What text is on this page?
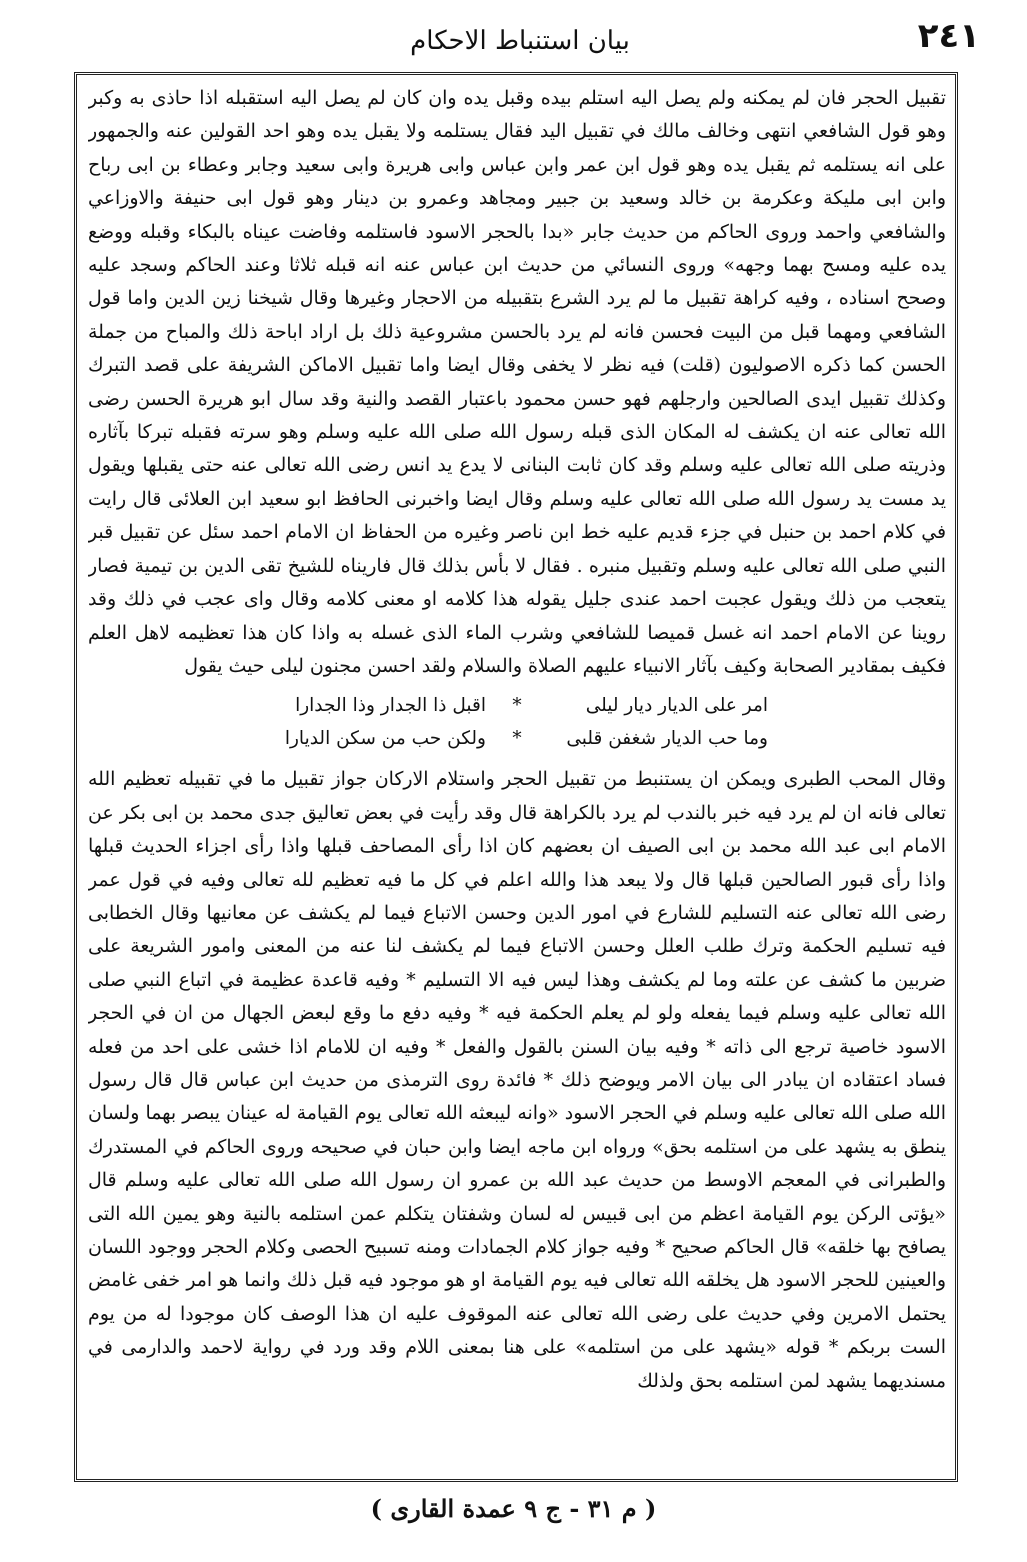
٢٤١
بيان استنباط الاحكام

تقبيل الحجر فان لم يمكنه ولم يصل اليه استلم بيده وقبل يده وان كان لم يصل اليه استقبله اذا حاذى به وكبر وهو قول الشافعي انتهى وخالف مالك في تقبيل اليد فقال يستلمه ولا يقبل يده وهو احد القولين عنه والجمهور على انه يستلمه ثم يقبل يده وهو قول ابن عمر وابن عباس وابى هريرة وابى سعيد وجابر وعطاء بن ابى رباح وابن ابى مليكة وعكرمة بن خالد وسعيد بن جبير ومجاهد وعمرو بن دينار وهو قول ابى حنيفة والاوزاعي والشافعي واحمد وروى الحاكم من حديث جابر «بدا بالحجر الاسود فاستلمه وفاضت عيناه بالبكاء وقبله ووضع يده عليه ومسح بهما وجهه» وروى النسائي من حديث ابن عباس عنه انه قبله ثلاثا وعند الحاكم وسجد عليه وصحح اسناده ، وفيه كراهة تقبيل ما لم يرد الشرع بتقبيله من الاحجار وغيرها وقال شيخنا زين الدين واما قول الشافعي ومهما قبل من البيت فحسن فانه لم يرد بالحسن مشروعية ذلك بل اراد اباحة ذلك والمباح من جملة الحسن كما ذكره الاصوليون (قلت) فيه نظر لا يخفى وقال ايضا واما تقبيل الاماكن الشريفة على قصد التبرك وكذلك تقبيل ايدى الصالحين وارجلهم فهو حسن محمود باعتبار القصد والنية وقد سال ابو هريرة الحسن رضى الله تعالى عنه ان يكشف له المكان الذى قبله رسول الله صلى الله عليه وسلم وهو سرته فقبله تبركا بآثاره وذريته صلى الله تعالى عليه وسلم وقد كان ثابت البنانى لا يدع يد انس رضى الله تعالى عنه حتى يقبلها ويقول يد مست يد رسول الله صلى الله تعالى عليه وسلم وقال ايضا واخبرنى الحافظ ابو سعيد ابن العلائى قال رايت في كلام احمد بن حنبل في جزء قديم عليه خط ابن ناصر وغيره من الحفاظ ان الامام احمد سئل عن تقبيل قبر النبي صلى الله تعالى عليه وسلم وتقبيل منبره . فقال لا بأس بذلك قال فاريناه للشيخ تقى الدين بن تيمية فصار يتعجب من ذلك ويقول عجبت احمد عندى جليل يقوله هذا كلامه او معنى كلامه وقال واى عجب في ذلك وقد روينا عن الامام احمد انه غسل قميصا للشافعي وشرب الماء الذى غسله به واذا كان هذا تعظيمه لاهل العلم فكيف بمقادير الصحابة وكيف بآثار الانبياء عليهم الصلاة والسلام ولقد احسن مجنون ليلى حيث يقول

امر على الديار ديار ليلى
*
اقبل ذا الجدار وذا الجدارا
وما حب الديار شغفن قلبى
*
ولكن حب من سكن الديارا

وقال المحب الطبرى ويمكن ان يستنبط من تقبيل الحجر واستلام الاركان جواز تقبيل ما في تقبيله تعظيم الله تعالى فانه ان لم يرد فيه خبر بالندب لم يرد بالكراهة قال وقد رأيت في بعض تعاليق جدى محمد بن ابى بكر عن الامام ابى عبد الله محمد بن ابى الصيف ان بعضهم كان اذا رأى المصاحف قبلها واذا رأى اجزاء الحديث قبلها واذا رأى قبور الصالحين قبلها قال ولا يبعد هذا والله اعلم في كل ما فيه تعظيم لله تعالى وفيه في قول عمر رضى الله تعالى عنه التسليم للشارع في امور الدين وحسن الاتباع فيما لم يكشف عن معانيها وقال الخطابى فيه تسليم الحكمة وترك طلب العلل وحسن الاتباع فيما لم يكشف لنا عنه من المعنى وامور الشريعة على ضربين ما كشف عن علته وما لم يكشف وهذا ليس فيه الا التسليم * وفيه قاعدة عظيمة في اتباع النبي صلى الله تعالى عليه وسلم فيما يفعله ولو لم يعلم الحكمة فيه * وفيه دفع ما وقع لبعض الجهال من ان في الحجر الاسود خاصية ترجع الى ذاته * وفيه بيان السنن بالقول والفعل * وفيه ان للامام اذا خشى على احد من فعله فساد اعتقاده ان يبادر الى بيان الامر ويوضح ذلك * فائدة روى الترمذى من حديث ابن عباس قال قال رسول الله صلى الله تعالى عليه وسلم في الحجر الاسود «وانه ليبعثه الله تعالى يوم القيامة له عينان يبصر بهما ولسان ينطق به يشهد على من استلمه بحق» ورواه ابن ماجه ايضا وابن حبان في صحيحه وروى الحاكم في المستدرك والطبرانى في المعجم الاوسط من حديث عبد الله بن عمرو ان رسول الله صلى الله تعالى عليه وسلم قال «يؤتى الركن يوم القيامة اعظم من ابى قبيس له لسان وشفتان يتكلم عمن استلمه بالنية وهو يمين الله التى يصافح بها خلقه» قال الحاكم صحيح * وفيه جواز كلام الجمادات ومنه تسبيح الحصى وكلام الحجر ووجود اللسان والعينين للحجر الاسود هل يخلقه الله تعالى فيه يوم القيامة او هو موجود فيه قبل ذلك وانما هو امر خفى غامض يحتمل الامرين وفي حديث على رضى الله تعالى عنه الموقوف عليه ان هذا الوصف كان موجودا له من يوم الست بربكم * قوله «يشهد على من استلمه» على هنا بمعنى اللام وقد ورد في رواية لاحمد والدارمى في مسنديهما يشهد لمن استلمه بحق ولذلك

( م ٣١ - ج ٩ عمدة القارى )
